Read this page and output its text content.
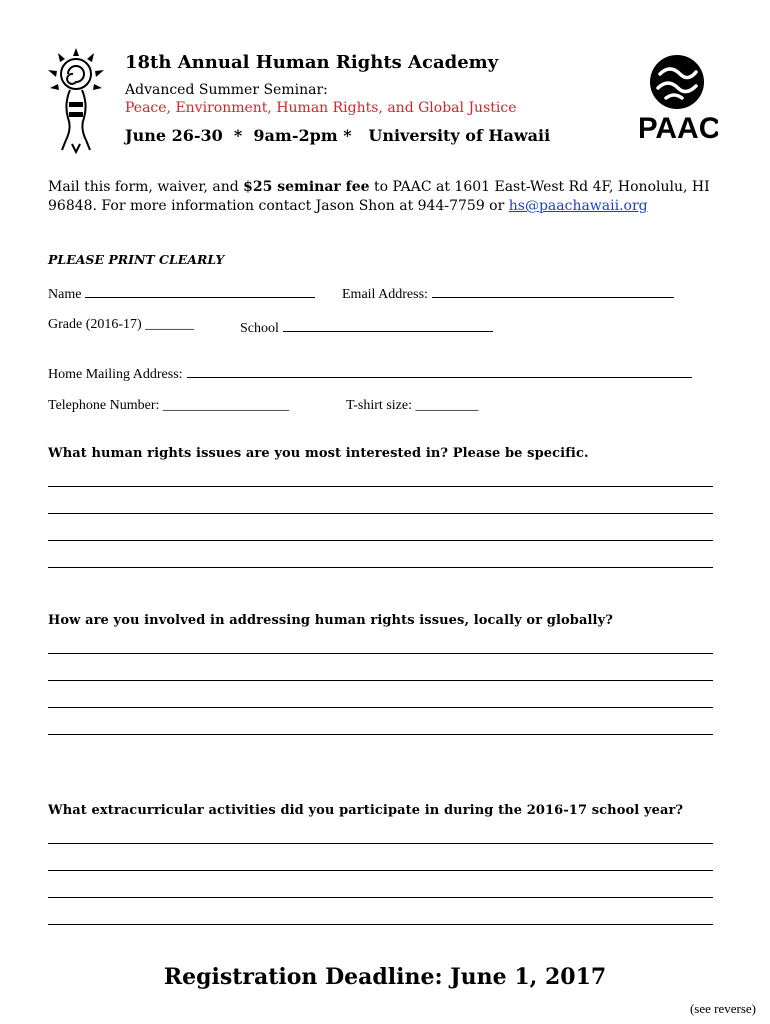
18th Annual Human Rights Academy
Advanced Summer Seminar:
Peace, Environment, Human Rights, and Global Justice
June 26-30  *  9am-2pm *   University of Hawaii	PAAC
Mail this form, waiver, and $25 seminar fee to PAAC at 1601 East-West Rd 4F, Honolulu, HI 96848. For more information contact Jason Shon at 944-7759 or hs@paachawaii.org
PLEASE PRINT CLEARLY
Name	Email Address:
Grade (2016-17) _______	School
Home Mailing Address:
Telephone Number: __________________	T-shirt size: _________
What human rights issues are you most interested in? Please be specific.
How are you involved in addressing human rights issues, locally or globally?
What extracurricular activities did you participate in during the 2016-17 school year?
Registration Deadline: June 1, 2017
(see reverse)
